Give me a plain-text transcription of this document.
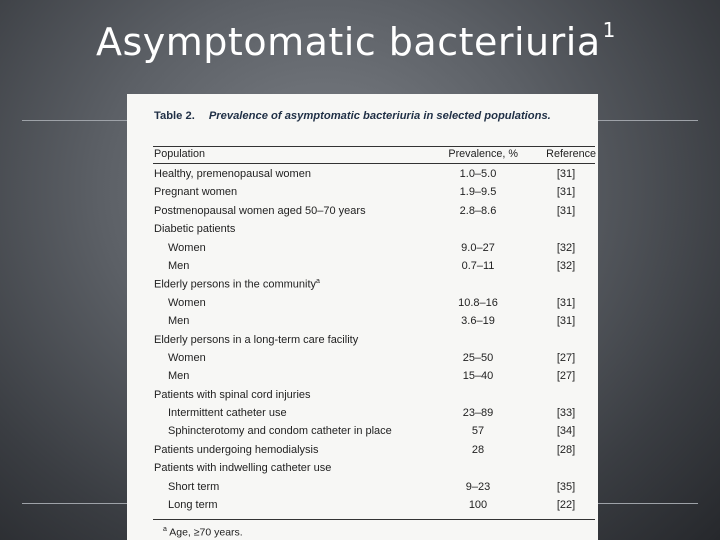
Asymptomatic bacteriuria $^1$
Table 2. Prevalence of asymptomatic bacteriuria in selected populations.
Population	Prevalence, %	Reference
Healthy, premenopausal women	1.0–5.0	[31]
Pregnant women	1.9–9.5	[31]
Postmenopausal women aged 50–70 years	2.8–8.6	[31]
Diabetic patients
Women	9.0–27	[32]
Men	0.7–11	[32]
Elderly persons in the community$^a$
Women	10.8–16	[31]
Men	3.6–19	[31]
Elderly persons in a long-term care facility
Women	25–50	[27]
Men	15–40	[27]
Patients with spinal cord injuries
Intermittent catheter use	23–89	[33]
Sphincterotomy and condom catheter in place	57	[34]
Patients undergoing hemodialysis	28	[28]
Patients with indwelling catheter use
Short term	9–23	[35]
Long term	100	[22]
$^a$ Age, ≥70 years.
